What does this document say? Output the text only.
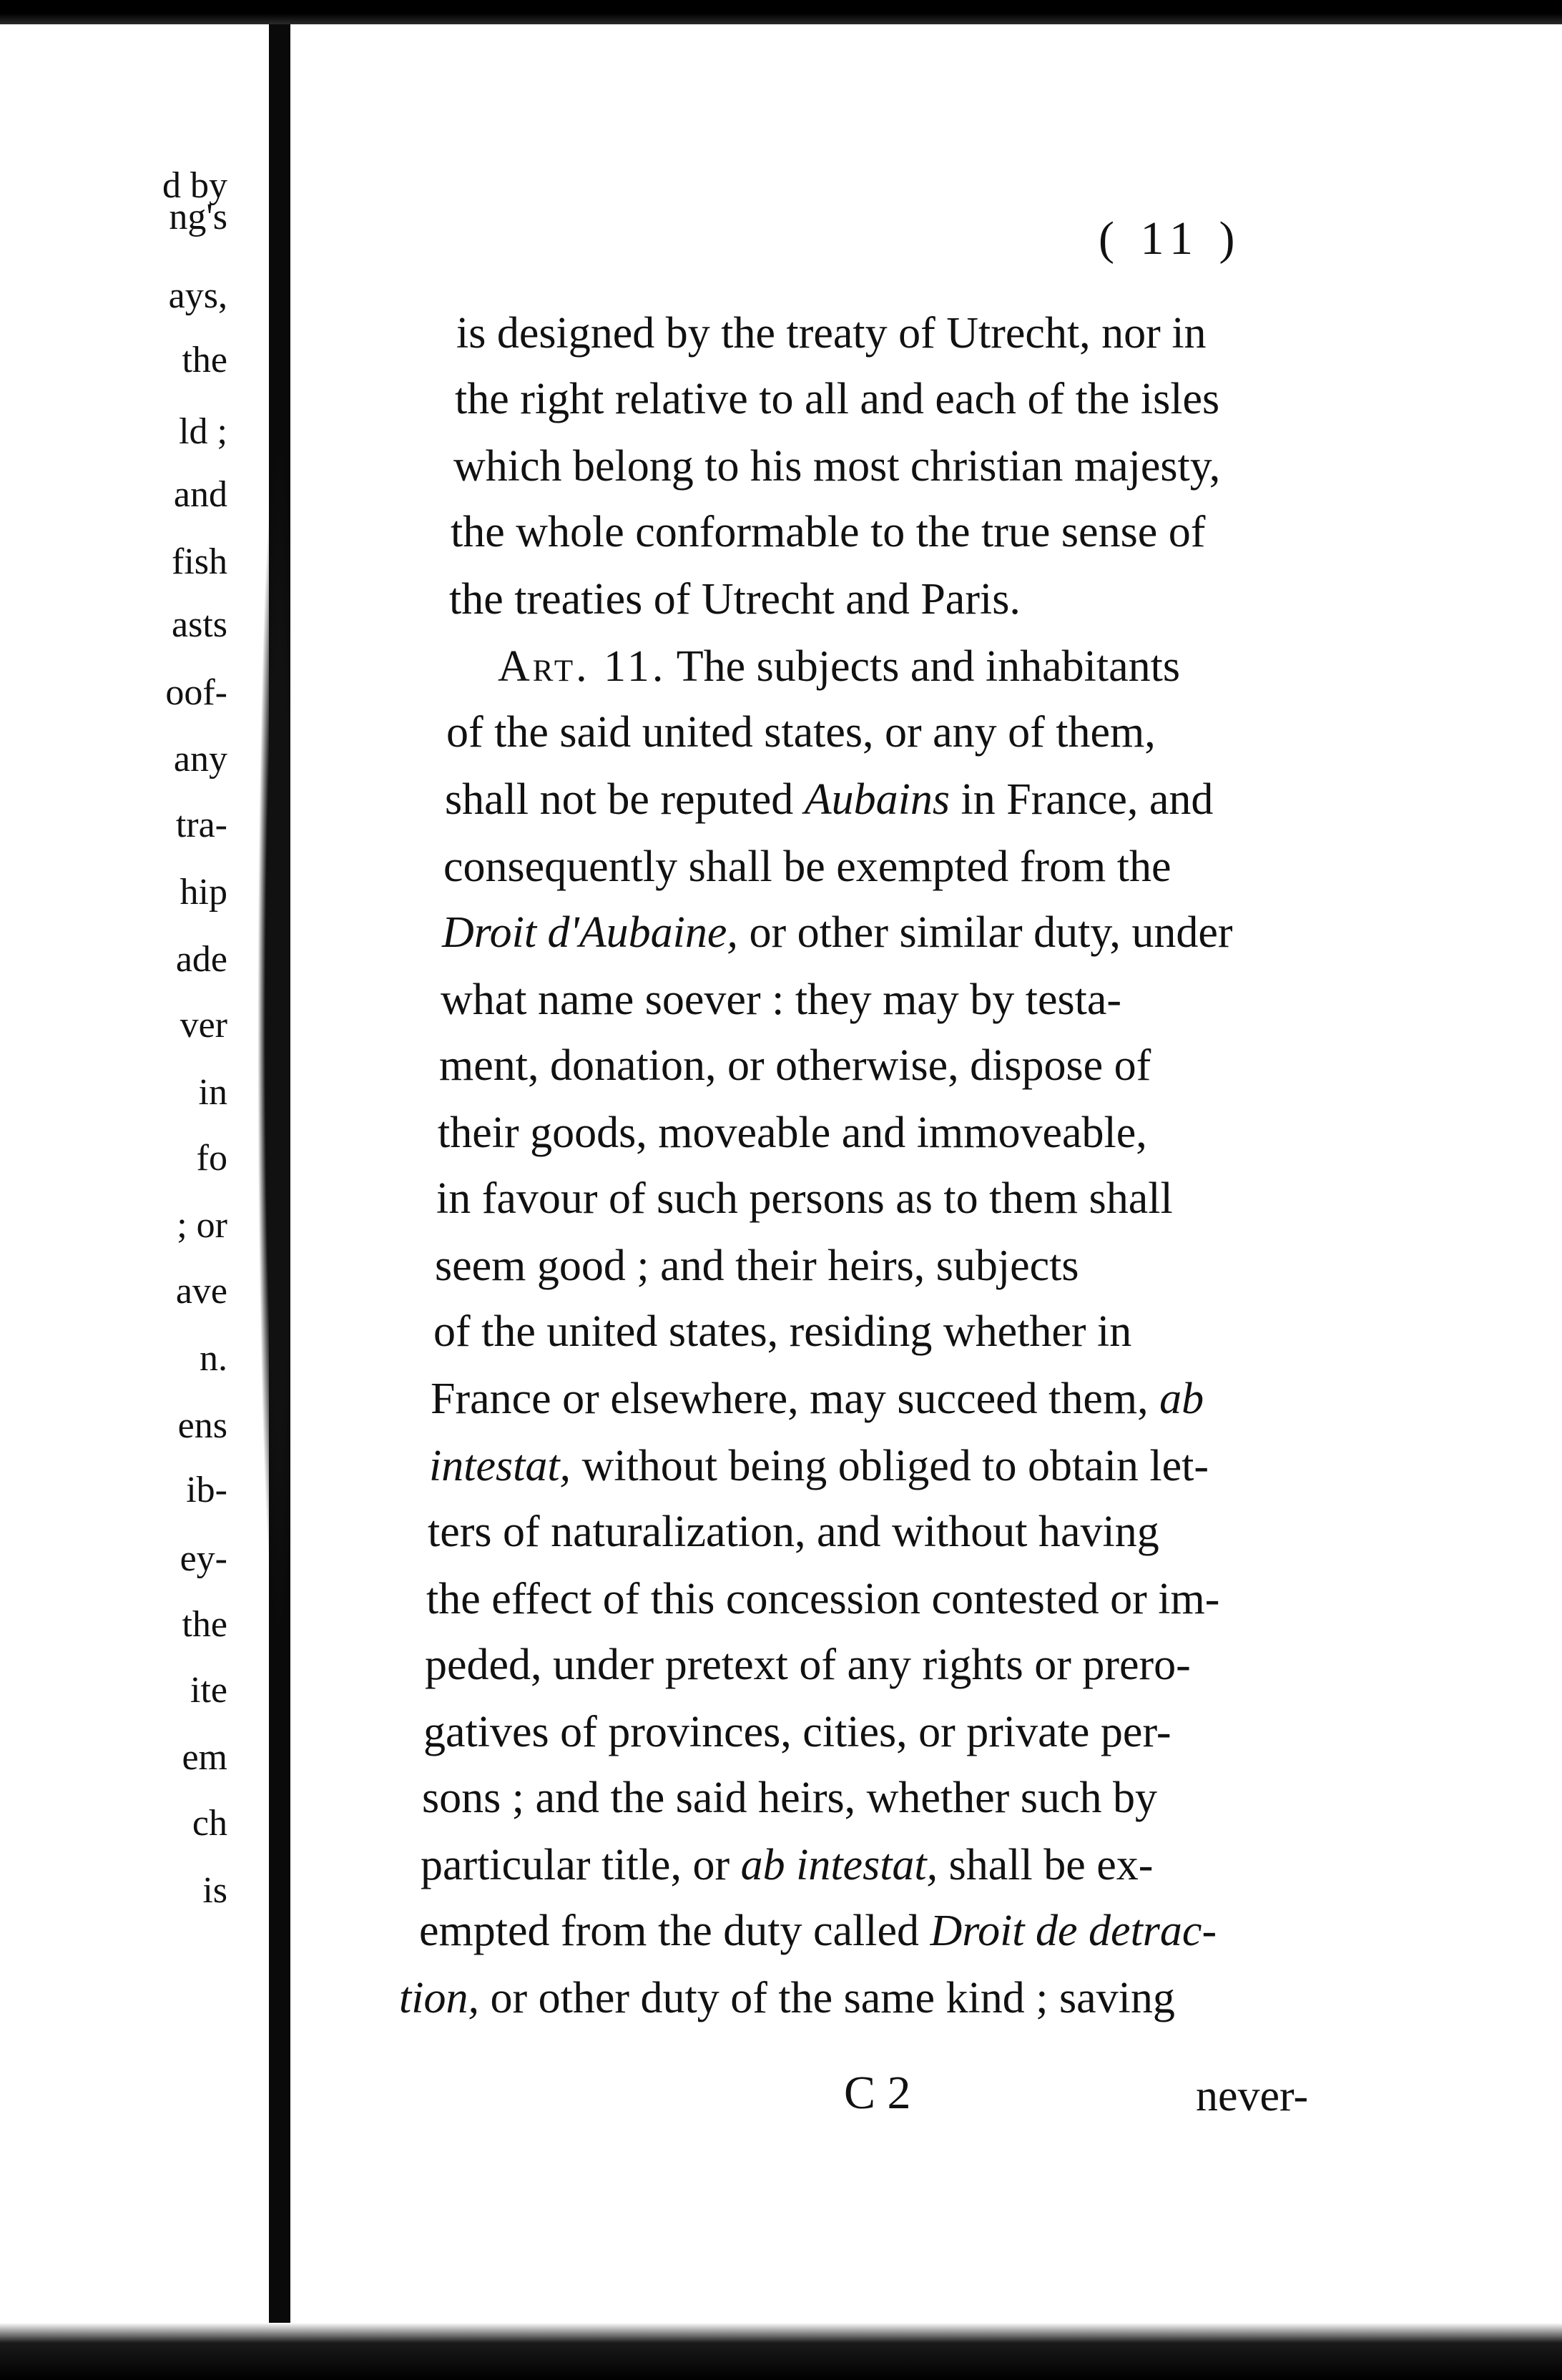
d by
ng's
ays,
the
ld ;
and
fish
asts
oof-
any
tra-
hip
ade
ver
in
fo
; or
ave
n.
ens
ib-
ey-
the
ite
em
ch
is
( 11 )
is designed by the treaty of Utrecht, nor in
the right relative to all and each of the isles
which belong to his most christian majesty,
the whole conformable to the true sense of
the treaties of Utrecht and Paris.
Art. 11. The subjects and inhabitants
of the said united states, or any of them,
shall not be reputed Aubains in France, and
consequently shall be exempted from the
Droit d'Aubaine, or other similar duty, under
what name soever : they may by testa-
ment, donation, or otherwise, dispose of
their goods, moveable and immoveable,
in favour of such persons as to them shall
seem good ; and their heirs, subjects
of the united states, residing whether in
France or elsewhere, may succeed them, ab
intestat, without being obliged to obtain let-
ters of naturalization, and without having
the effect of this concession contested or im-
peded, under pretext of any rights or prero-
gatives of provinces, cities, or private per-
sons ; and the said heirs, whether such by
particular title, or ab intestat, shall be ex-
empted from the duty called Droit de detrac-
tion, or other duty of the same kind ; saving
C 2	never-
